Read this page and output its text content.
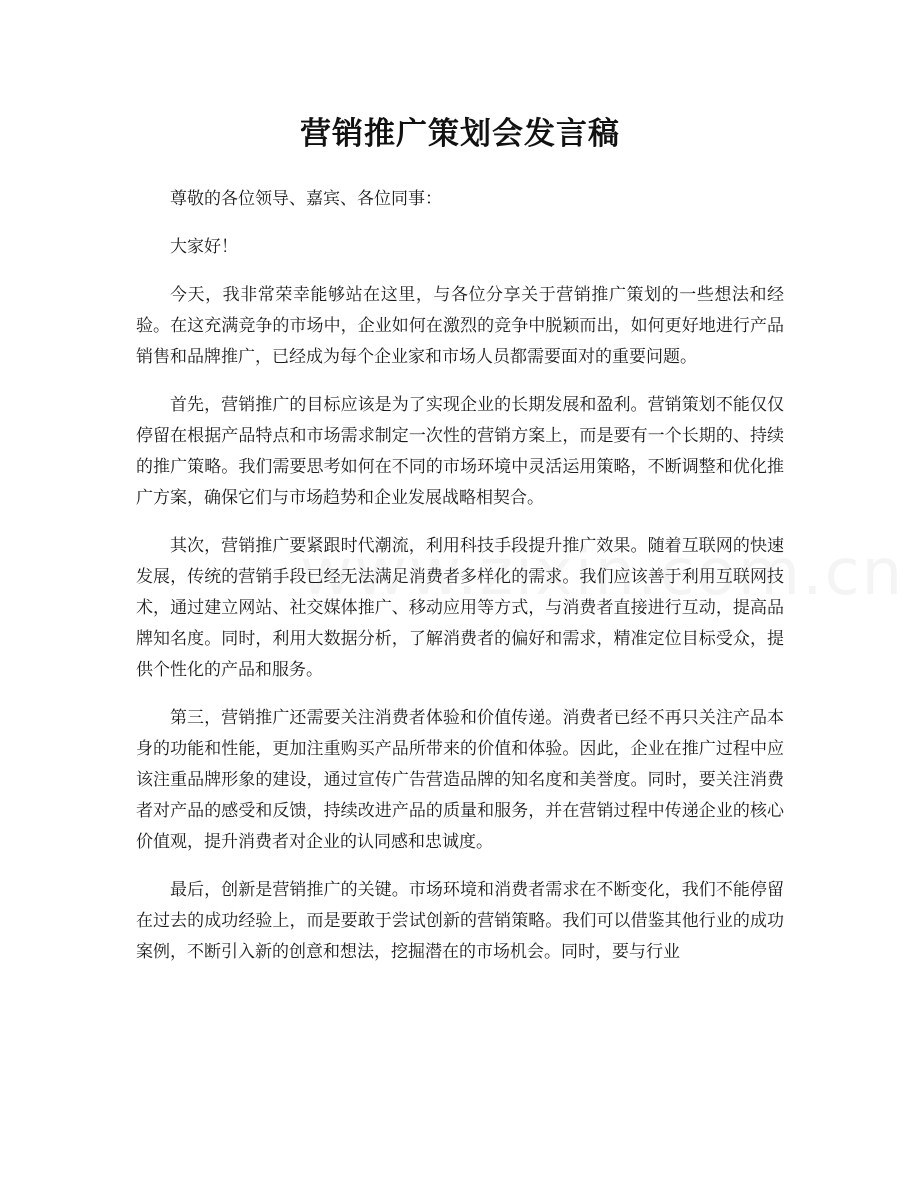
营销推广策划会发言稿

尊敬的各位领导、嘉宾、各位同事：

大家好！

今天，我非常荣幸能够站在这里，与各位分享关于营销推广策划的一些想法和经验。在这充满竞争的市场中，企业如何在激烈的竞争中脱颖而出，如何更好地进行产品销售和品牌推广，已经成为每个企业家和市场人员都需要面对的重要问题。

首先，营销推广的目标应该是为了实现企业的长期发展和盈利。营销策划不能仅仅停留在根据产品特点和市场需求制定一次性的营销方案上，而是要有一个长期的、持续的推广策略。我们需要思考如何在不同的市场环境中灵活运用策略，不断调整和优化推广方案，确保它们与市场趋势和企业发展战略相契合。

其次，营销推广要紧跟时代潮流，利用科技手段提升推广效果。随着互联网的快速发展，传统的营销手段已经无法满足消费者多样化的需求。我们应该善于利用互联网技术，通过建立网站、社交媒体推广、移动应用等方式，与消费者直接进行互动，提高品牌知名度。同时，利用大数据分析，了解消费者的偏好和需求，精准定位目标受众，提供个性化的产品和服务。

第三，营销推广还需要关注消费者体验和价值传递。消费者已经不再只关注产品本身的功能和性能，更加注重购买产品所带来的价值和体验。因此，企业在推广过程中应该注重品牌形象的建设，通过宣传广告营造品牌的知名度和美誉度。同时，要关注消费者对产品的感受和反馈，持续改进产品的质量和服务，并在营销过程中传递企业的核心价值观，提升消费者对企业的认同感和忠诚度。

最后，创新是营销推广的关键。市场环境和消费者需求在不断变化，我们不能停留在过去的成功经验上，而是要敢于尝试创新的营销策略。我们可以借鉴其他行业的成功案例，不断引入新的创意和想法，挖掘潜在的市场机会。同时，要与行业
